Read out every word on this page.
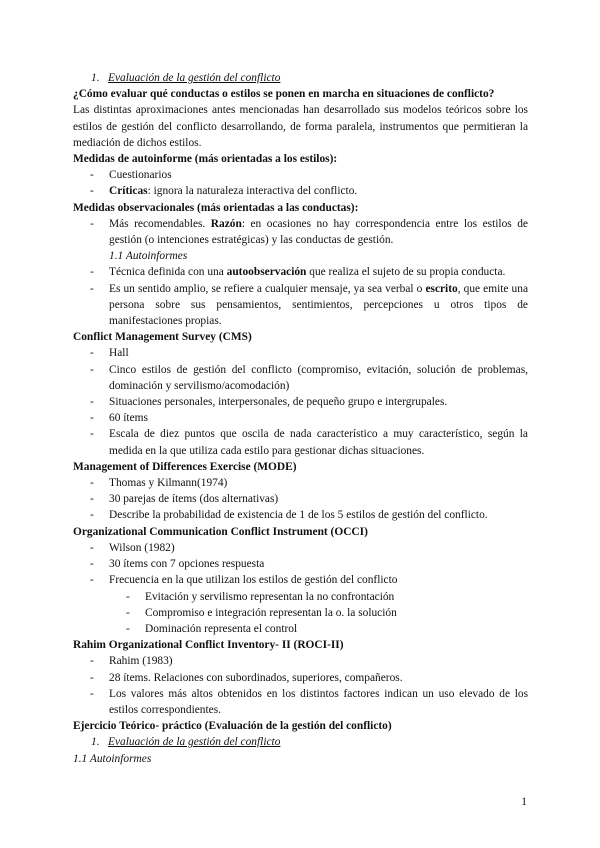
1. Evaluación de la gestión del conflicto
¿Cómo evaluar qué conductas o estilos se ponen en marcha en situaciones de conflicto?
Las distintas aproximaciones antes mencionadas han desarrollado sus modelos teóricos sobre los estilos de gestión del conflicto desarrollando, de forma paralela, instrumentos que permitieran la mediación de dichos estilos.
Medidas de autoinforme (más orientadas a los estilos):
- Cuestionarios
- Críticas: ignora la naturaleza interactiva del conflicto.
Medidas observacionales (más orientadas a las conductas):
- Más recomendables. Razón: en ocasiones no hay correspondencia entre los estilos de gestión (o intenciones estratégicas) y las conductas de gestión.
1.1 Autoinformes
- Técnica definida con una autoobservación que realiza el sujeto de su propia conducta.
- Es un sentido amplio, se refiere a cualquier mensaje, ya sea verbal o escrito, que emite una persona sobre sus pensamientos, sentimientos, percepciones u otros tipos de manifestaciones propias.
Conflict Management Survey (CMS)
- Hall
- Cinco estilos de gestión del conflicto (compromiso, evitación, solución de problemas, dominación y servilismo/acomodación)
- Situaciones personales, interpersonales, de pequeño grupo e intergrupales.
- 60 ítems
- Escala de diez puntos que oscila de nada característico a muy característico, según la medida en la que utiliza cada estilo para gestionar dichas situaciones.
Management of Differences Exercise (MODE)
- Thomas y Kilmann(1974)
- 30 parejas de ítems (dos alternativas)
- Describe la probabilidad de existencia de 1 de los 5 estilos de gestión del conflicto.
Organizational Communication Conflict Instrument (OCCI)
- Wilson (1982)
- 30 ítems con 7 opciones respuesta
- Frecuencia en la que utilizan los estilos de gestión del conflicto
- Evitación y servilismo representan la no confrontación
- Compromiso e integración representan la o. la solución
- Dominación representa el control
Rahim Organizational Conflict Inventory- II (ROCI-II)
- Rahim (1983)
- 28 ítems. Relaciones con subordinados, superiores, compañeros.
- Los valores más altos obtenidos en los distintos factores indican un uso elevado de los estilos correspondientes.
Ejercicio Teórico- práctico (Evaluación de la gestión del conflicto)
1. Evaluación de la gestión del conflicto
1.1 Autoinformes
1
